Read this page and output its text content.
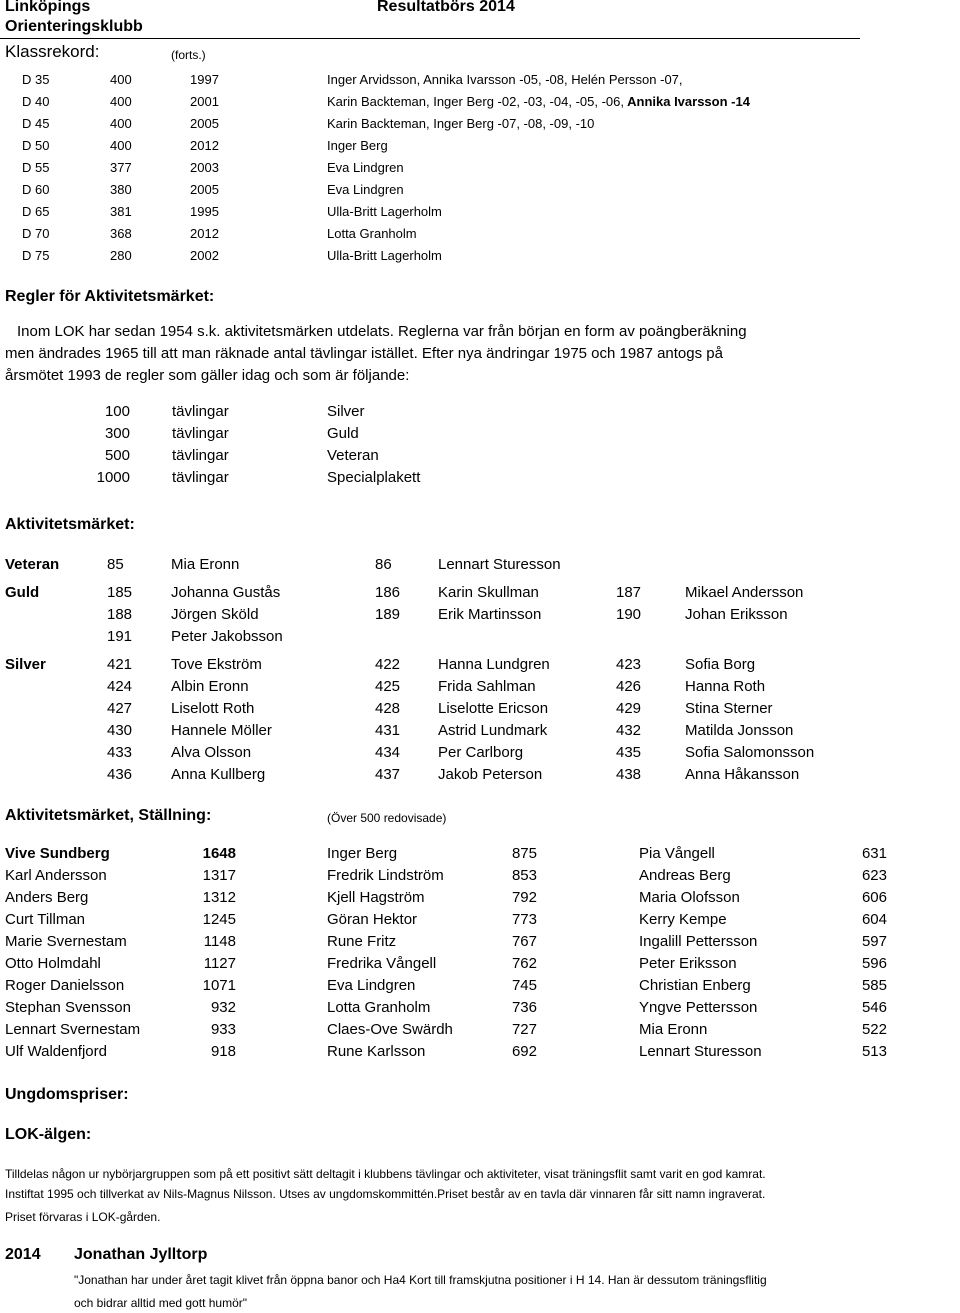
Linköpings
Orienteringsklubb
Resultatbörs 2014
Klassrekord:	(forts.)
D 35	400	1997	Inger Arvidsson, Annika Ivarsson -05, -08, Helén Persson -07,
D 40	400	2001	Karin Backteman, Inger Berg -02, -03, -04, -05, -06, Annika Ivarsson -14
D 45	400	2005	Karin Backteman, Inger Berg -07, -08, -09, -10
D 50	400	2012	Inger Berg
D 55	377	2003	Eva Lindgren
D 60	380	2005	Eva Lindgren
D 65	381	1995	Ulla-Britt Lagerholm
D 70	368	2012	Lotta Granholm
D 75	280	2002	Ulla-Britt Lagerholm
Regler för Aktivitetsmärket:
Inom LOK har sedan 1954 s.k. aktivitetsmärken utdelats. Reglerna var från början en form av poängberäkning
men ändrades 1965 till att man räknade antal tävlingar istället. Efter nya ändringar 1975 och 1987 antogs på
årsmötet 1993 de regler som gäller idag och som är följande:
100	tävlingar	Silver
300	tävlingar	Guld
500	tävlingar	Veteran
1000	tävlingar	Specialplakett
Aktivitetsmärket:
Veteran	85	Mia Eronn	86	Lennart Sturesson
Guld	185	Johanna Gustås	186	Karin Skullman	187	Mikael Andersson
188	Jörgen Sköld	189	Erik Martinsson	190	Johan Eriksson
191	Peter Jakobsson
Silver	421	Tove Ekström	422	Hanna Lundgren	423	Sofia Borg
424	Albin Eronn	425	Frida Sahlman	426	Hanna Roth
427	Liselott Roth	428	Liselotte Ericson	429	Stina Sterner
430	Hannele Möller	431	Astrid Lundmark	432	Matilda Jonsson
433	Alva Olsson	434	Per Carlborg	435	Sofia Salomonsson
436	Anna Kullberg	437	Jakob Peterson	438	Anna Håkansson
Aktivitetsmärket, Ställning:	(Över 500 redovisade)
Vive Sundberg	1648	Inger Berg	875	Pia Vångell	631
Karl Andersson	1317	Fredrik Lindström	853	Andreas Berg	623
Anders Berg	1312	Kjell Hagström	792	Maria Olofsson	606
Curt Tillman	1245	Göran Hektor	773	Kerry Kempe	604
Marie Svernestam	1148	Rune Fritz	767	Ingalill Pettersson	597
Otto Holmdahl	1127	Fredrika Vångell	762	Peter Eriksson	596
Roger Danielsson	1071	Eva Lindgren	745	Christian Enberg	585
Stephan Svensson	932	Lotta Granholm	736	Yngve Pettersson	546
Lennart Svernestam	933	Claes-Ove Swärdh	727	Mia Eronn	522
Ulf Waldenfjord	918	Rune Karlsson	692	Lennart Sturesson	513
Ungdomspriser:
LOK-älgen:
Tilldelas någon ur nybörjargruppen som på ett positivt sätt deltagit i klubbens tävlingar och aktiviteter, visat träningsflit samt varit en god kamrat.
Instiftat 1995 och tillverkat av Nils-Magnus Nilsson. Utses av ungdomskommittén.Priset består av en tavla där vinnaren får sitt namn ingraverat.
Priset förvaras i LOK-gården.
2014 Jonathan Jylltorp
"Jonathan har under året tagit klivet från öppna banor och Ha4 Kort till framskjutna positioner i H 14. Han är dessutom träningsflitig
och bidrar alltid med gott humör"
